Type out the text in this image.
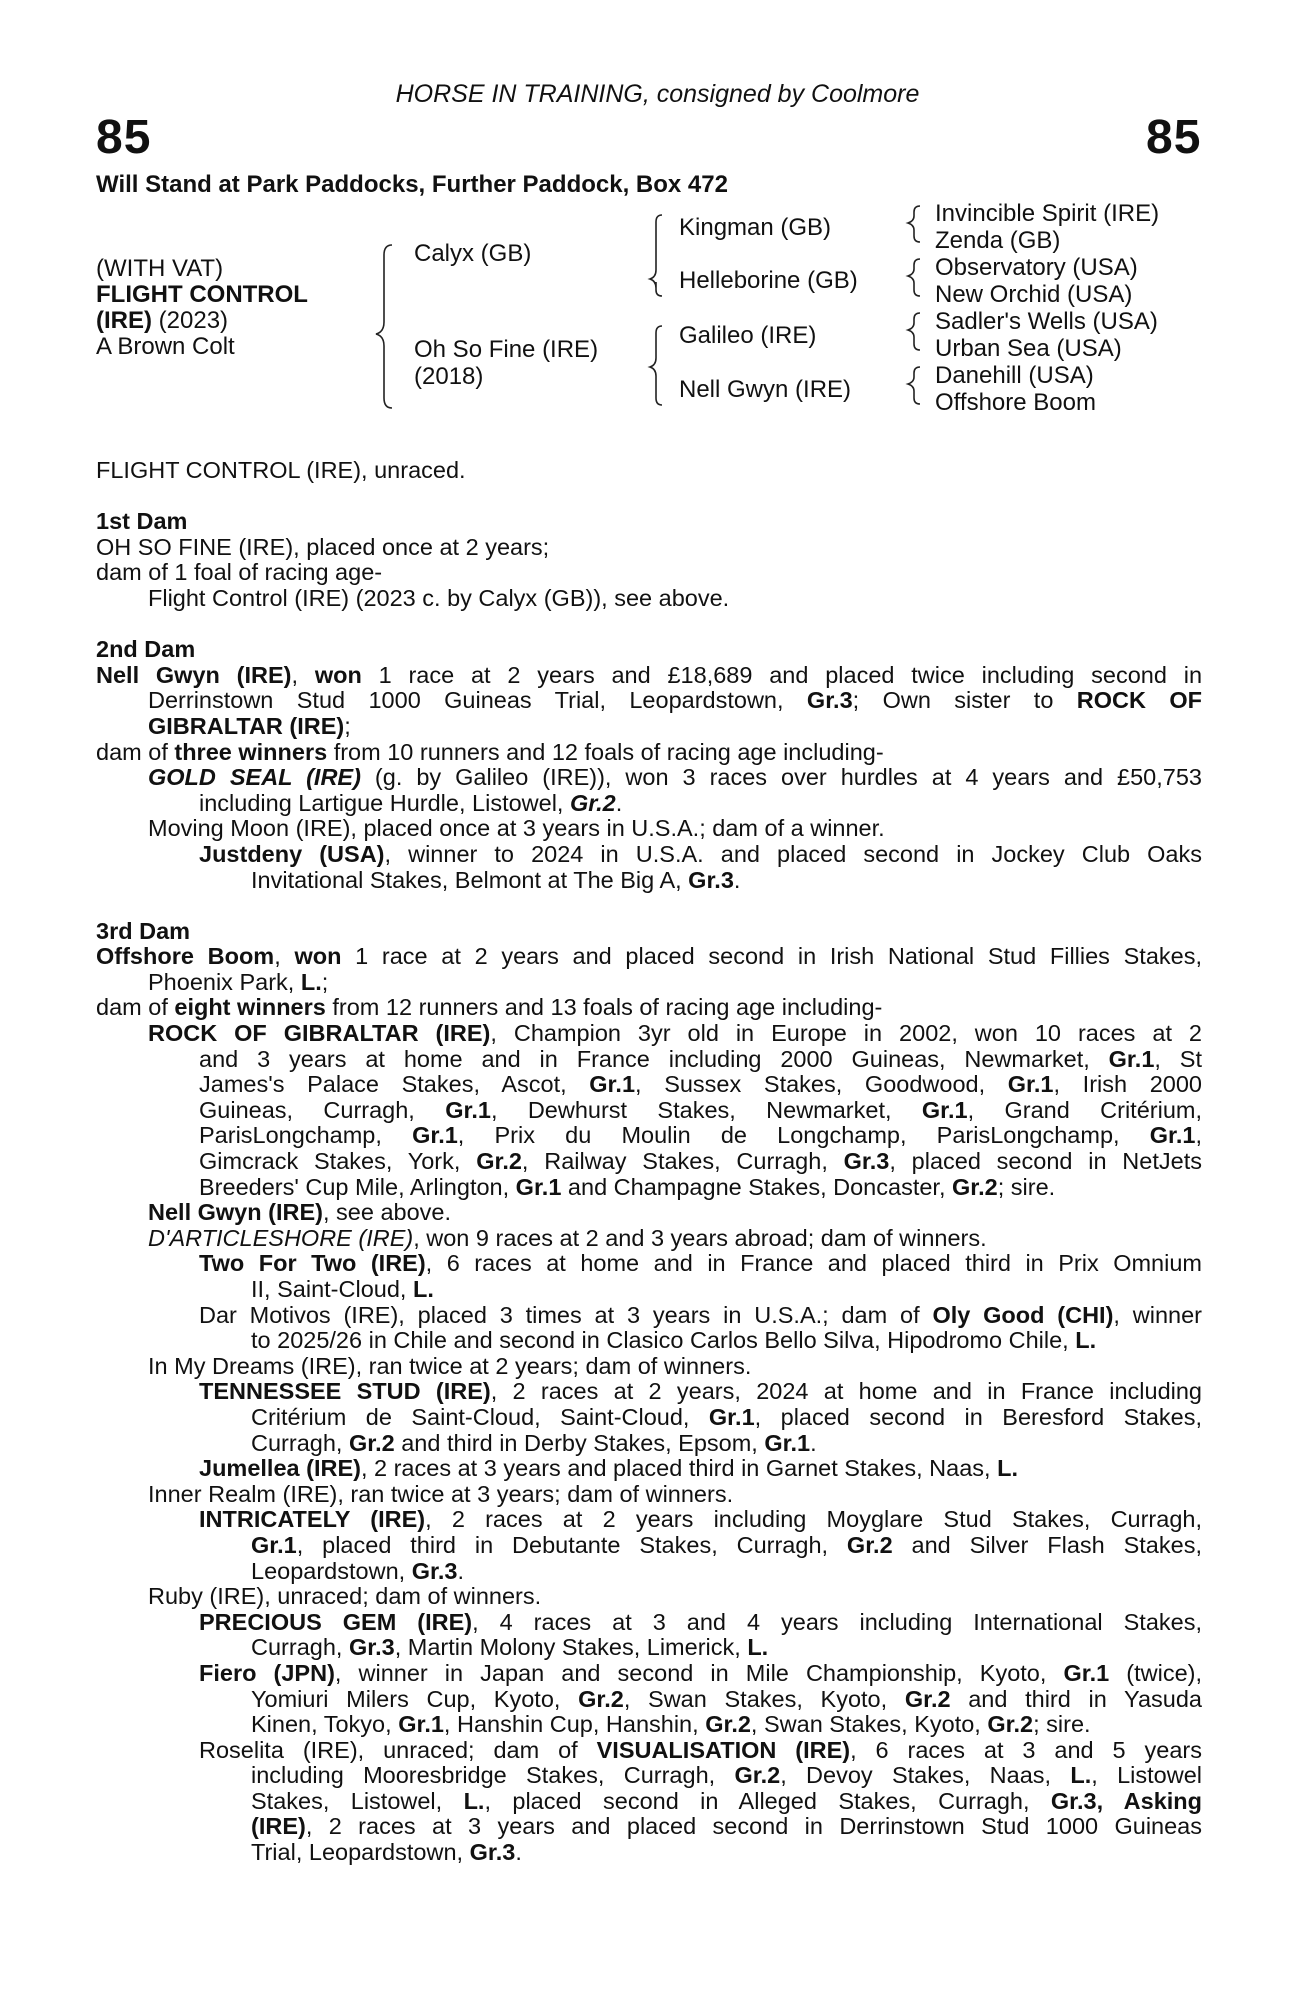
HORSE IN TRAINING, consigned by Coolmore
85	85
Will Stand at Park Paddocks, Further Paddock, Box 472
(WITH VAT)
FLIGHT CONTROL
(IRE) (2023)
A Brown Colt
Calyx (GB)
Oh So Fine (IRE)
(2018)
Kingman (GB)
Helleborine (GB)
Galileo (IRE)
Nell Gwyn (IRE)
Invincible Spirit (IRE)
Zenda (GB)
Observatory (USA)
New Orchid (USA)
Sadler's Wells (USA)
Urban Sea (USA)
Danehill (USA)
Offshore Boom
FLIGHT CONTROL (IRE), unraced.
1st Dam
OH SO FINE (IRE), placed once at 2 years;
dam of 1 foal of racing age-
Flight Control (IRE) (2023 c. by Calyx (GB)), see above.
2nd Dam
Nell Gwyn (IRE), won 1 race at 2 years and £18,689 and placed twice including second in
Derrinstown Stud 1000 Guineas Trial, Leopardstown, Gr.3; Own sister to ROCK OF
GIBRALTAR (IRE);
dam of three winners from 10 runners and 12 foals of racing age including-
GOLD SEAL (IRE) (g. by Galileo (IRE)), won 3 races over hurdles at 4 years and £50,753
including Lartigue Hurdle, Listowel, Gr.2.
Moving Moon (IRE), placed once at 3 years in U.S.A.; dam of a winner.
Justdeny (USA), winner to 2024 in U.S.A. and placed second in Jockey Club Oaks
Invitational Stakes, Belmont at The Big A, Gr.3.
3rd Dam
Offshore Boom, won 1 race at 2 years and placed second in Irish National Stud Fillies Stakes,
Phoenix Park, L.;
dam of eight winners from 12 runners and 13 foals of racing age including-
ROCK OF GIBRALTAR (IRE), Champion 3yr old in Europe in 2002, won 10 races at 2
and 3 years at home and in France including 2000 Guineas, Newmarket, Gr.1, St
James's Palace Stakes, Ascot, Gr.1, Sussex Stakes, Goodwood, Gr.1, Irish 2000
Guineas, Curragh, Gr.1, Dewhurst Stakes, Newmarket, Gr.1, Grand Critérium,
ParisLongchamp, Gr.1, Prix du Moulin de Longchamp, ParisLongchamp, Gr.1,
Gimcrack Stakes, York, Gr.2, Railway Stakes, Curragh, Gr.3, placed second in NetJets
Breeders' Cup Mile, Arlington, Gr.1 and Champagne Stakes, Doncaster, Gr.2; sire.
Nell Gwyn (IRE), see above.
D'ARTICLESHORE (IRE), won 9 races at 2 and 3 years abroad; dam of winners.
Two For Two (IRE), 6 races at home and in France and placed third in Prix Omnium
II, Saint-Cloud, L.
Dar Motivos (IRE), placed 3 times at 3 years in U.S.A.; dam of Oly Good (CHI), winner
to 2025/26 in Chile and second in Clasico Carlos Bello Silva, Hipodromo Chile, L.
In My Dreams (IRE), ran twice at 2 years; dam of winners.
TENNESSEE STUD (IRE), 2 races at 2 years, 2024 at home and in France including
Critérium de Saint-Cloud, Saint-Cloud, Gr.1, placed second in Beresford Stakes,
Curragh, Gr.2 and third in Derby Stakes, Epsom, Gr.1.
Jumellea (IRE), 2 races at 3 years and placed third in Garnet Stakes, Naas, L.
Inner Realm (IRE), ran twice at 3 years; dam of winners.
INTRICATELY (IRE), 2 races at 2 years including Moyglare Stud Stakes, Curragh,
Gr.1, placed third in Debutante Stakes, Curragh, Gr.2 and Silver Flash Stakes,
Leopardstown, Gr.3.
Ruby (IRE), unraced; dam of winners.
PRECIOUS GEM (IRE), 4 races at 3 and 4 years including International Stakes,
Curragh, Gr.3, Martin Molony Stakes, Limerick, L.
Fiero (JPN), winner in Japan and second in Mile Championship, Kyoto, Gr.1 (twice),
Yomiuri Milers Cup, Kyoto, Gr.2, Swan Stakes, Kyoto, Gr.2 and third in Yasuda
Kinen, Tokyo, Gr.1, Hanshin Cup, Hanshin, Gr.2, Swan Stakes, Kyoto, Gr.2; sire.
Roselita (IRE), unraced; dam of VISUALISATION (IRE), 6 races at 3 and 5 years
including Mooresbridge Stakes, Curragh, Gr.2, Devoy Stakes, Naas, L., Listowel
Stakes, Listowel, L., placed second in Alleged Stakes, Curragh, Gr.3, Asking
(IRE), 2 races at 3 years and placed second in Derrinstown Stud 1000 Guineas
Trial, Leopardstown, Gr.3.
